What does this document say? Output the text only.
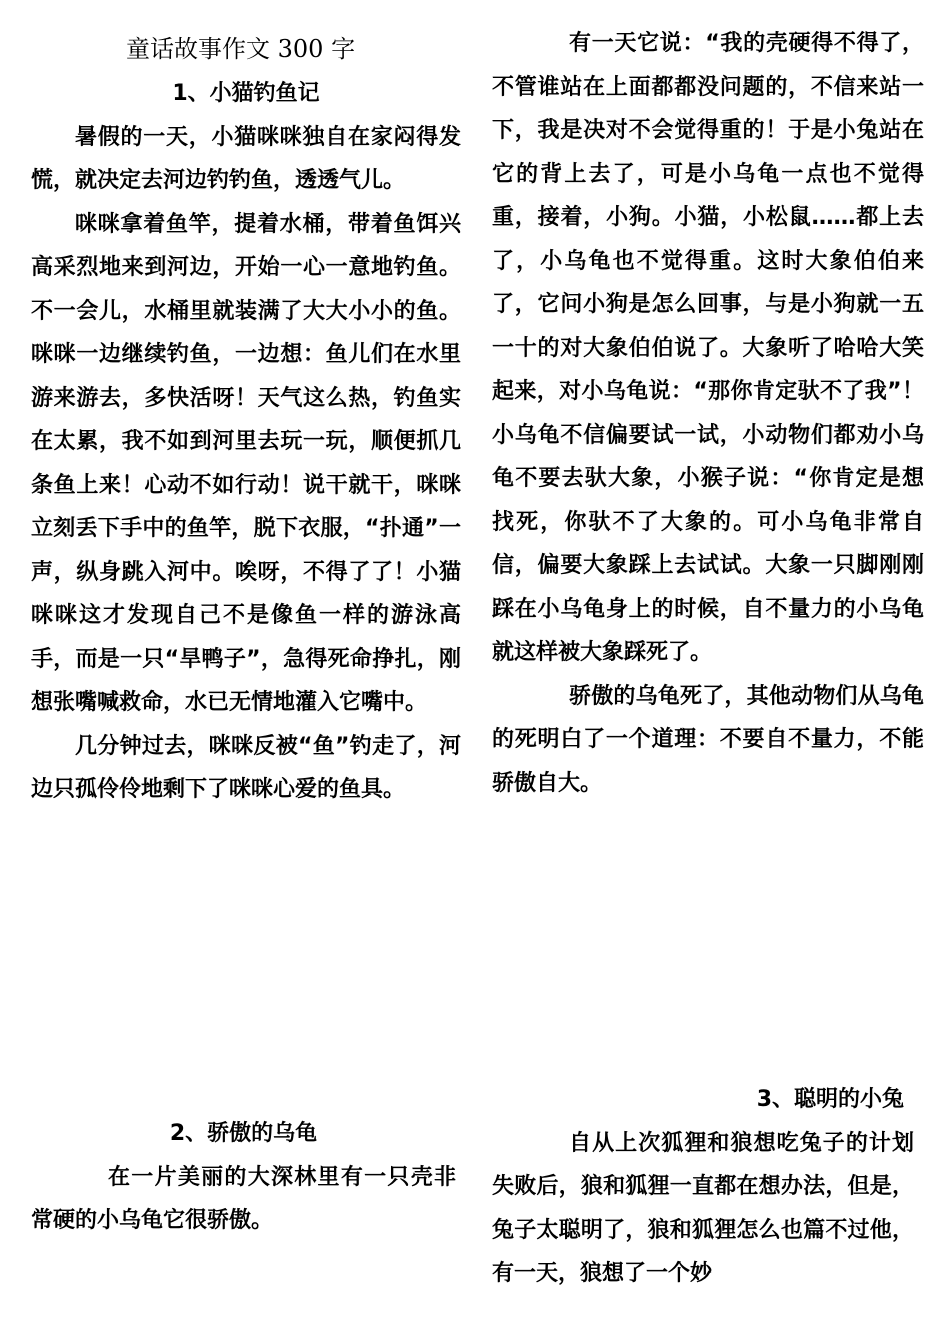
童话故事作文 300 字

1、小猫钓鱼记

暑假的一天，小猫咪咪独自在家闷得发慌，就决定去河边钓钓鱼，透透气儿。

咪咪拿着鱼竿，提着水桶，带着鱼饵兴高采烈地来到河边，开始一心一意地钓鱼。不一会儿，水桶里就装满了大大小小的鱼。咪咪一边继续钓鱼，一边想：鱼儿们在水里游来游去，多快活呀！天气这么热，钓鱼实在太累，我不如到河里去玩一玩，顺便抓几条鱼上来！心动不如行动！说干就干，咪咪立刻丢下手中的鱼竿，脱下衣服，“扑通”一声，纵身跳入河中。唉呀，不得了了！小猫咪咪这才发现自己不是像鱼一样的游泳高手，而是一只“旱鸭子”，急得死命挣扎，刚想张嘴喊救命，水已无情地灌入它嘴中。

几分钟过去，咪咪反被“鱼”钓走了，河边只孤伶伶地剩下了咪咪心爱的鱼具。

有一天它说：“我的壳硬得不得了，不管谁站在上面都都没问题的，不信来站一下，我是决对不会觉得重的！于是小兔站在它的背上去了，可是小乌龟一点也不觉得重，接着，小狗。小猫，小松鼠……都上去了，小乌龟也不觉得重。这时大象伯伯来了，它问小狗是怎么回事，与是小狗就一五一十的对大象伯伯说了。大象听了哈哈大笑起来，对小乌龟说：“那你肯定驮不了我”！小乌龟不信偏要试一试，小动物们都劝小乌龟不要去驮大象，小猴子说：“你肯定是想找死，你驮不了大象的。可小乌龟非常自信，偏要大象踩上去试试。大象一只脚刚刚踩在小乌龟身上的时候，自不量力的小乌龟就这样被大象踩死了。

骄傲的乌龟死了，其他动物们从乌龟的死明白了一个道理：不要自不量力，不能骄傲自大。

2、骄傲的乌龟

在一片美丽的大深林里有一只壳非常硬的小乌龟它很骄傲。

3、聪明的小兔

自从上次狐狸和狼想吃兔子的计划失败后，狼和狐狸一直都在想办法，但是，兔子太聪明了，狼和狐狸怎么也篇不过他，有一天，狼想了一个妙
